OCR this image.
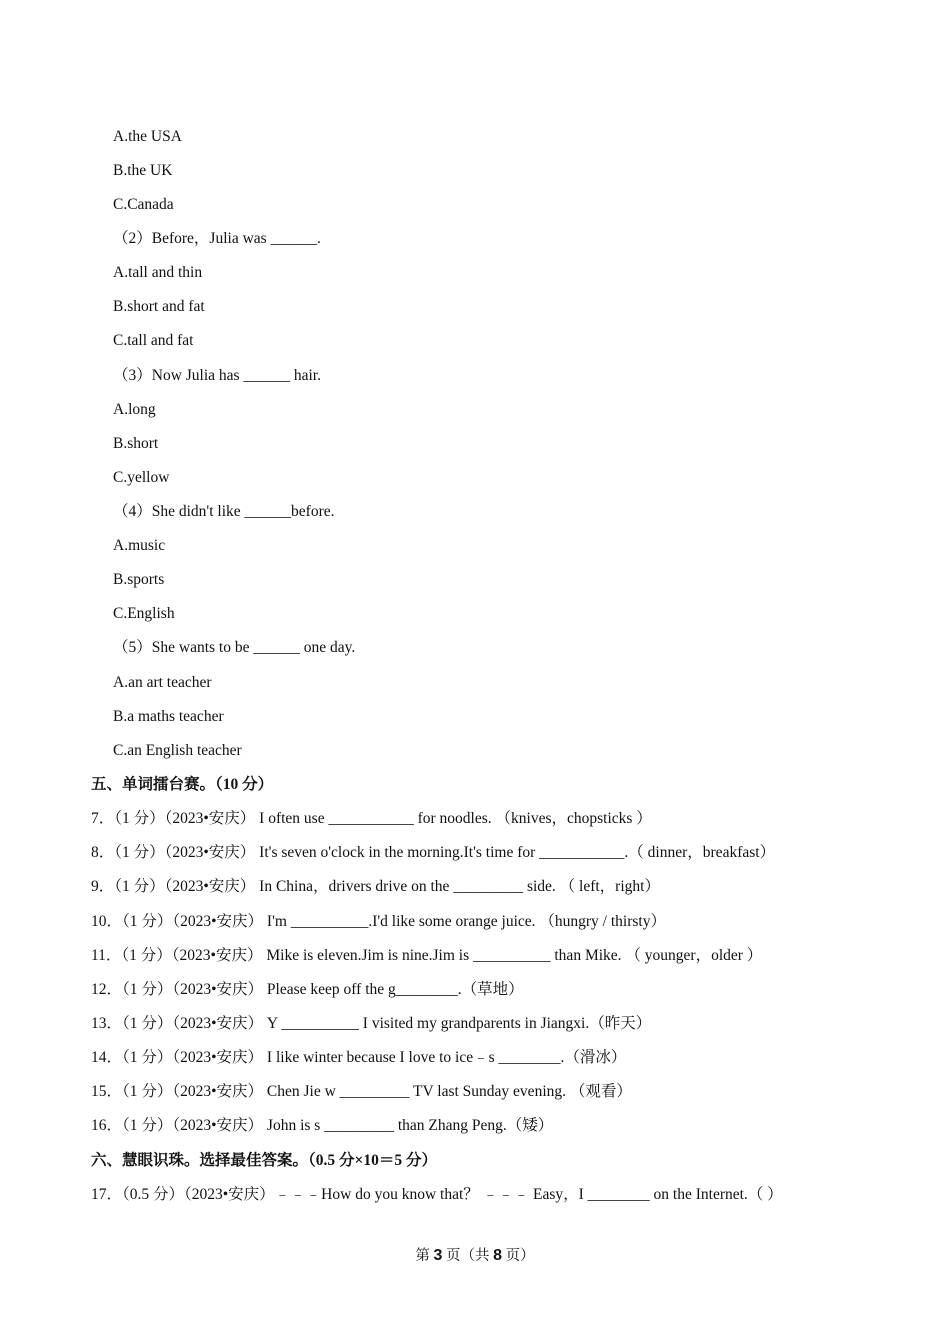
A.the USA
B.the UK
C.Canada
（2）Before，Julia was ______.
A.tall and thin
B.short and fat
C.tall and fat
（3）Now Julia has ______ hair.
A.long
B.short
C.yellow
（4）She didn't like ______before.
A.music
B.sports
C.English
（5）She wants to be ______ one day.
A.an art teacher
B.a maths teacher
C.an English teacher
五、单词擂台赛。（10 分）
7．（1 分）（2023•安庆） I often use ___________ for noodles. （knives，chopsticks ）
8．（1 分）（2023•安庆） It's seven o'clock in the morning.It's time for ___________.（ dinner，breakfast）
9．（1 分）（2023•安庆） In China，drivers drive on the _________ side. （ left，right）
10．（1 分）（2023•安庆） I'm __________.I'd like some orange juice. （hungry / thirsty）
11．（1 分）（2023•安庆） Mike is eleven.Jim is nine.Jim is __________ than Mike. （ younger，older ）
12．（1 分）（2023•安庆） Please keep off the g________.（草地）
13．（1 分）（2023•安庆） Y __________ I visited my grandparents in Jiangxi.（昨天）
14．（1 分）（2023•安庆） I like winter because I love to ice﹣s ________.（滑冰）
15．（1 分）（2023•安庆） Chen Jie w _________ TV last Sunday evening. （观看）
16．（1 分）（2023•安庆） John is s _________ than Zhang Peng.（矮）
六、慧眼识珠。选择最佳答案。（0.5 分×10＝5 分）
17．（0.5 分）（2023•安庆）﹣﹣﹣How do you know that？ ﹣﹣﹣ Easy，I ________ on the Internet.（ ）
第 3 页（共 8 页）
